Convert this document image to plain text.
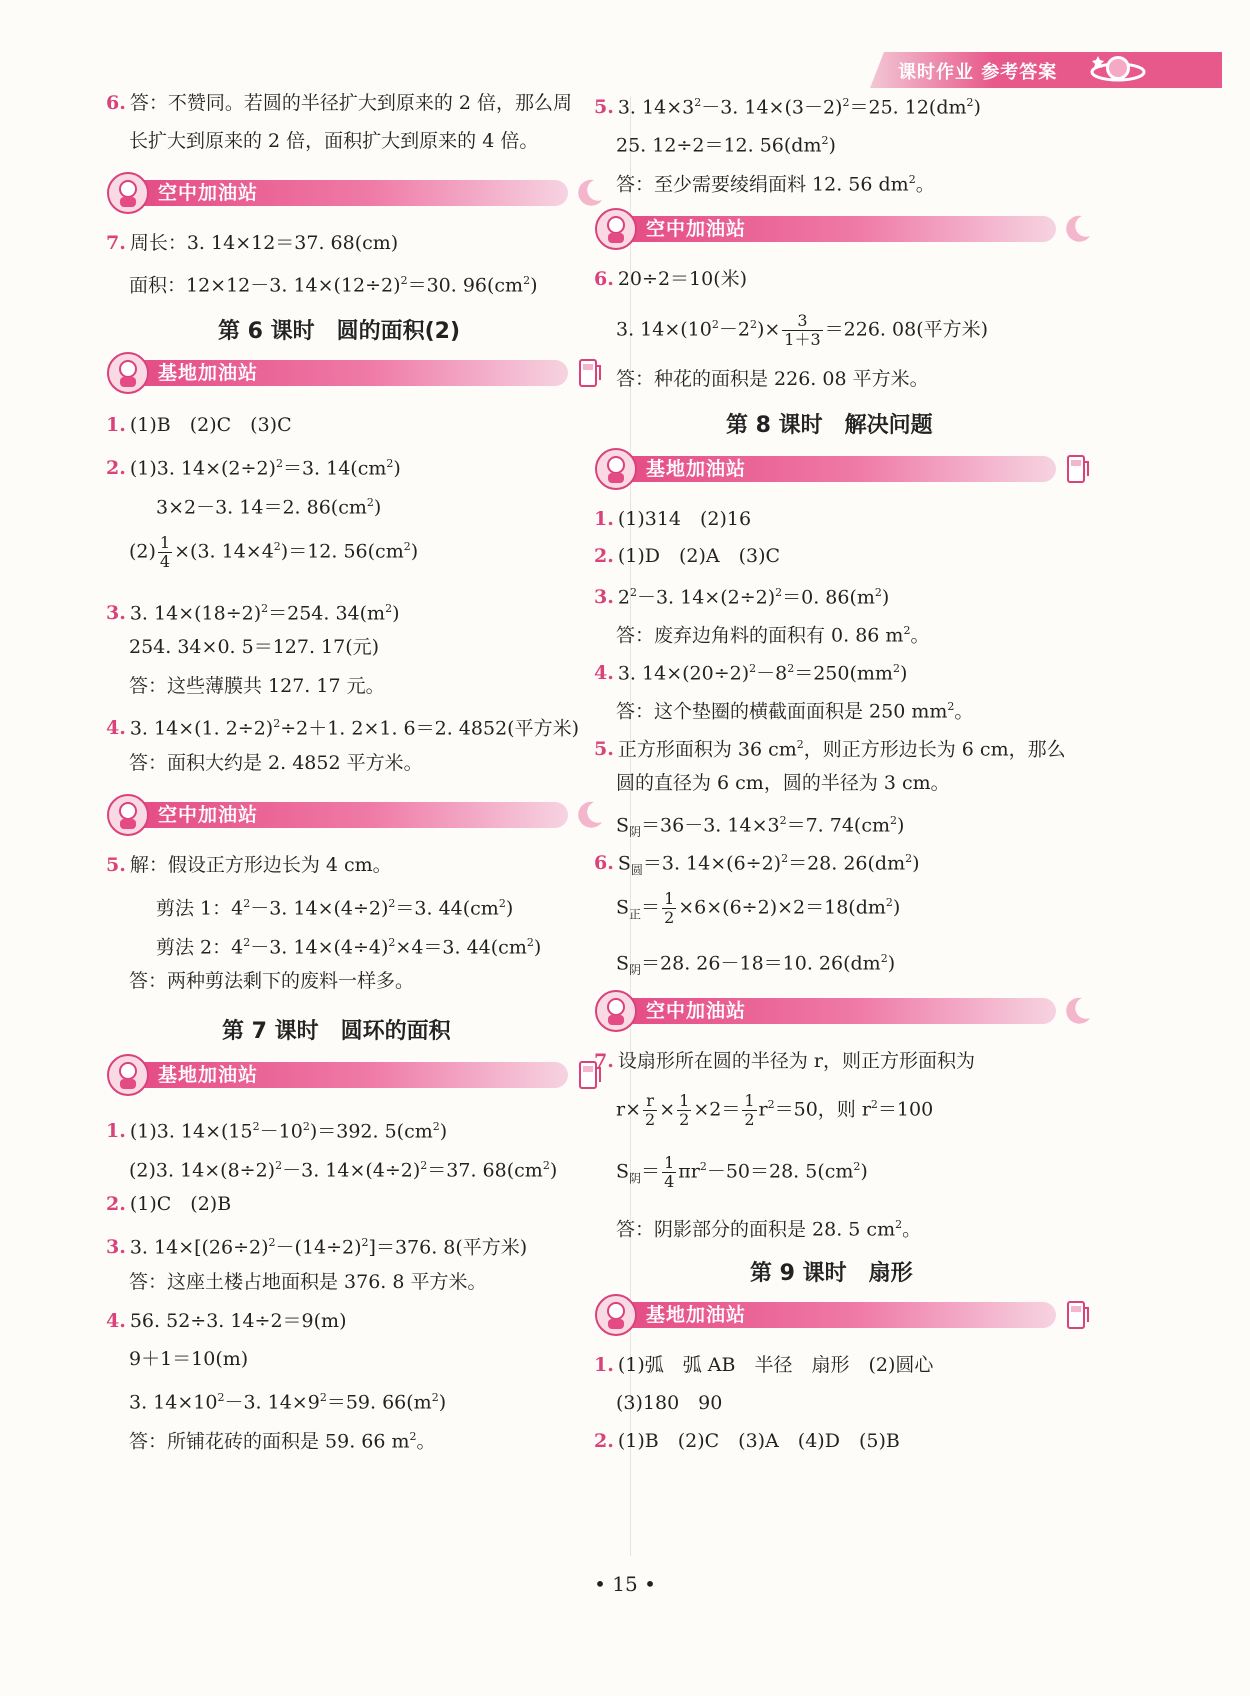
课时作业 参考答案
6. 答：不赞同。若圆的半径扩大到原来的 2 倍，那么周
长扩大到原来的 2 倍，面积扩大到原来的 4 倍。
空中加油站
7. 周长：3. 14×12＝37. 68(cm)
面积：12×12－3. $14\times(12\div 2)^2=30$. $96(cm^2)$
第 6 课时　圆的面积(2)
基地加油站
1. (1)B　(2)C　(3)C
2. (1)3. $14\times(2\div 2)^2=3$. $14(cm^2)$
3×2－3. 14＝2. $86(cm^2)$
$(2) \frac{1}{4} \times(3$. $14\times 4^2)=12$. $56(cm^2)$
3. 3. $14\times(18\div 2)^2=254$. $34(m^2)$
254. 34×0. 5＝127. 17(元)
答：这些薄膜共 127. 17 元。
4. 3. 14×(1. 2÷2)$^2$÷2＋1. 2×1. 6＝2. 4852(平方米)
答：面积大约是 2. 4852 平方米。
空中加油站
5. 解：假设正方形边长为 4 cm。
剪法 1：$4^2-3$. $14\times(4\div 2)^2=3$. $44(cm^2)$
剪法 2：$4^2-3$. $14\times(4\div 4)^2\times 4=3$. $44(cm^2)$
答：两种剪法剩下的废料一样多。
第 7 课时　圆环的面积
基地加油站
1. (1)3. $14\times(15^2-10^2)=392$. $5(cm^2)$
(2)3. $14\times(8\div 2)^2-3$. $14\times(4\div 2)^2=37$. $68(cm^2)$
2. (1)C　(2)B
3. 3. $14\times[(26\div 2)^2-(14\div 2)^2]=376$. 8(平方米)
答：这座土楼占地面积是 376. 8 平方米。
4. 56. 52÷3. 14÷2＝9(m)
9＋1＝10(m)
3. $14\times 10^2-3$. $14\times 9^2=59$. $66(m^2)$
答：所铺花砖的面积是 59. 66 $m^2$。
5. 3. $14\times 3^2-3$. $14\times(3-2)^2=25$. $12(dm^2)$
25. 12÷2＝12. $56(dm^2)$
答：至少需要绫绢面料 12. 56 $dm^2$。
空中加油站
6. 20÷2＝10(米)
3. $14\times(10^2-2^2)\times \frac{3}{1+3} =226$. 08(平方米)
答：种花的面积是 226. 08 平方米。
第 8 课时　解决问题
基地加油站
1. (1)314　(2)16
2. (1)D　(2)A　(3)C
3. $2^2-3$. $14\times(2\div 2)^2=0$. $86(m^2)$
答：废弃边角料的面积有 0. 86 $m^2$。
4. 3. $14\times(20\div 2)^2-8^2=250(mm^2)$
答：这个垫圈的横截面面积是 250 $mm^2$。
5. 正方形面积为 36 $cm^2$，则正方形边长为 6 cm，那么
圆的直径为 6 cm，圆的半径为 3 cm。
$S_阴=36-3$. $14\times 3^2=7$. $74(cm^2)$
6. $S_圆=3$. $14\times(6\div 2)^2=28$. $26(dm^2)$
$S_正= \frac{1}{2} \times 6\times(6\div 2)\times 2=18(dm^2)$
$S_阴=28$. 26－18＝10. $26(dm^2)$
空中加油站
7. 设扇形所在圆的半径为 r，则正方形面积为
$r\times \frac{r}{2} \times \frac{1}{2} \times 2= \frac{1}{2} r^2=50$，则 $r^2=100$
$S_阴= \frac{1}{4} \pi r^2-50=28$. $5(cm^2)$
答：阴影部分的面积是 28. 5 $cm^2$。
第 9 课时　扇形
基地加油站
1. (1)弧　弧 AB　半径　扇形　(2)圆心
(3)180　90
2. (1)B　(2)C　(3)A　(4)D　(5)B
• 15 •
